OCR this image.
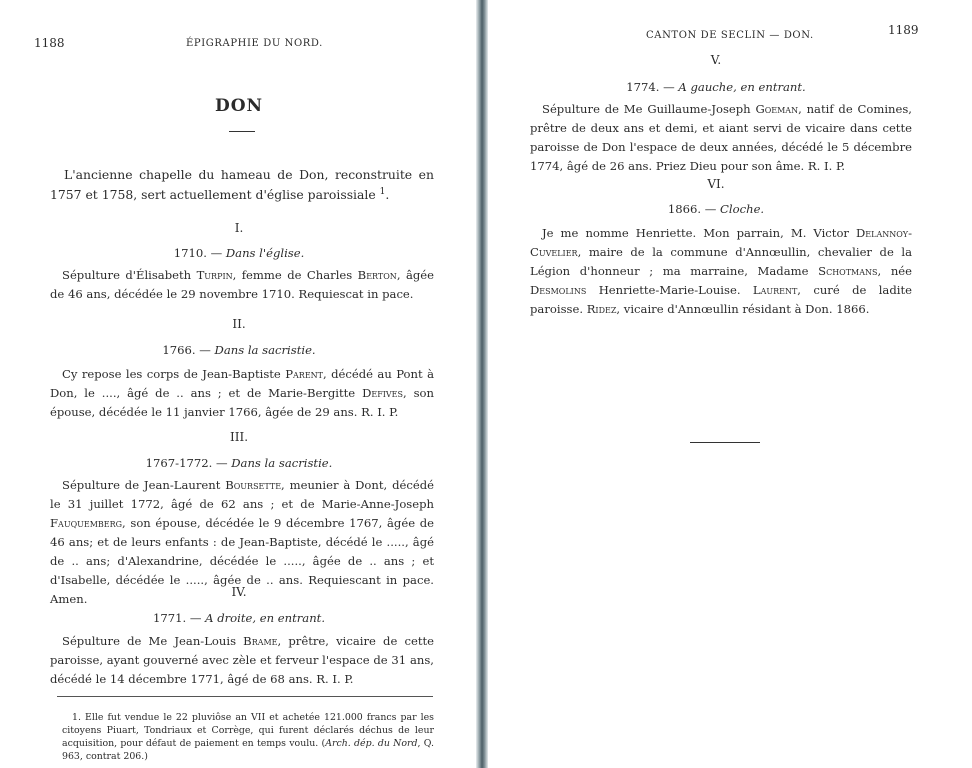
1188	ÉPIGRAPHIE DU NORD.
DON

L'ancienne chapelle du hameau de Don, reconstruite en 1757 et 1758, sert actuellement d'église paroissiale $^1$.

I.
1710. — Dans l'église.

Sépulture d'Élisabeth Turpin, femme de Charles Berton, âgée de 46 ans, décédée le 29 novembre 1710. Requiescat in pace.

II.
1766. — Dans la sacristie.

Cy repose les corps de Jean-Baptiste Parent, décédé au Pont à Don, le ...., âgé de .. ans ; et de Marie-Bergitte Defives, son épouse, décédée le 11 janvier 1766, âgée de 29 ans. R. I. P.

III.
1767-1772. — Dans la sacristie.

Sépulture de Jean-Laurent Boursette, meunier à Dont, décédé le 31 juillet 1772, âgé de 62 ans ; et de Marie-Anne-Joseph Fauquemberg, son épouse, décédée le 9 décembre 1767, âgée de 46 ans; et de leurs enfants : de Jean-Baptiste, décédé le ....., âgé de .. ans; d'Alexandrine, décédée le ....., âgée de .. ans ; et d'Isabelle, décédée le ....., âgée de .. ans. Requiescant in pace. Amen.	IV.
1771. — A droite, en entrant.

Sépulture de Me Jean-Louis Brame, prêtre, vicaire de cette paroisse, ayant gouverné avec zèle et ferveur l'espace de 31 ans, décédé le 14 décembre 1771, âgé de 68 ans. R. I. P.

1. Elle fut vendue le 22 pluviôse an VII et achetée 121.000 francs par les citoyens Piuart, Tondriaux et Corrège, qui furent déclarés déchus de leur acquisition, pour défaut de paiement en temps voulu. (Arch. dép. du Nord, Q. 963, contrat 206.)

CANTON DE SECLIN — DON.	1189
V.
1774. — A gauche, en entrant.

Sépulture de Me Guillaume-Joseph Goeman, natif de Comines, prêtre de deux ans et demi, et aiant servi de vicaire dans cette paroisse de Don l'espace de deux années, décédé le 5 décembre 1774, âgé de 26 ans. Priez Dieu pour son âme. R. I. P.

VI.
1866. — Cloche.

Je me nomme Henriette. Mon parrain, M. Victor Delannoy-Cuvelier, maire de la commune d'Annœullin, chevalier de la Légion d'honneur ; ma marraine, Madame Schotmans, née Desmolins Henriette-Marie-Louise. Laurent, curé de ladite paroisse. Ridez, vicaire d'Annœullin résidant à Don. 1866.
